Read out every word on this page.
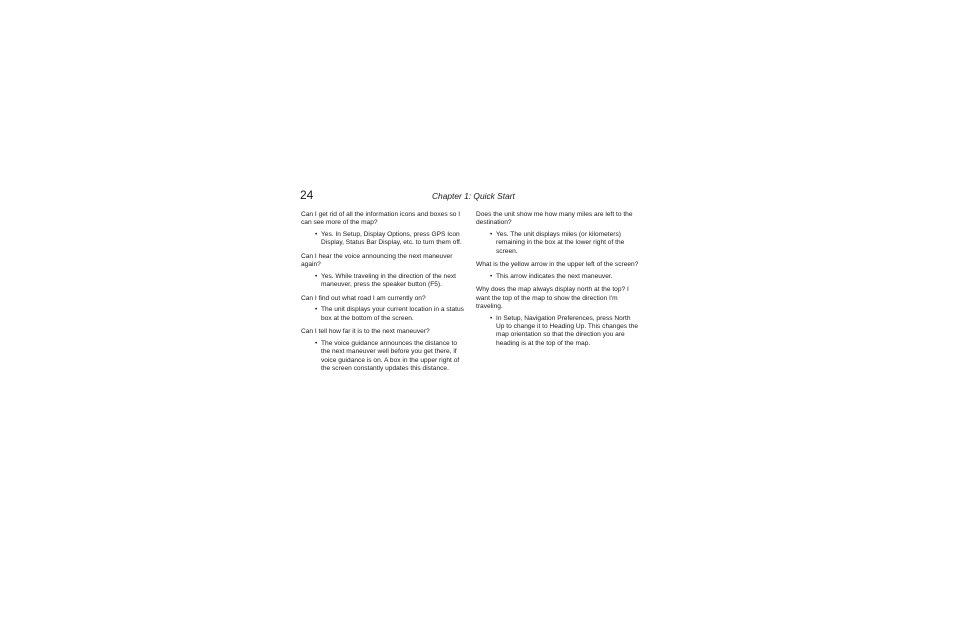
24	Chapter 1: Quick Start

Can I get rid of all the information icons and boxes so I can see more of the map?

• Yes. In Setup, Display Options, press GPS Icon Display, Status Bar Display, etc. to turn them off.

Can I hear the voice announcing the next maneuver again?

• Yes. While traveling in the direction of the next maneuver, press the speaker button (F5).

Can I find out what road I am currently on?

• The unit displays your current location in a status box at the bottom of the screen.

Can I tell how far it is to the next maneuver?

• The voice guidance announces the distance to the next maneuver well before you get there, if voice guidance is on. A box in the upper right of the screen constantly updates this distance.

Does the unit show me how many miles are left to the destination?

• Yes. The unit displays miles (or kilometers) remaining in the box at the lower right of the screen.

What is the yellow arrow in the upper left of the screen?

• This arrow indicates the next maneuver.

Why does the map always display north at the top? I want the top of the map to show the direction I'm traveling.

• In Setup, Navigation Preferences, press North Up to change it to Heading Up. This changes the map orientation so that the direction you are heading is at the top of the map.
